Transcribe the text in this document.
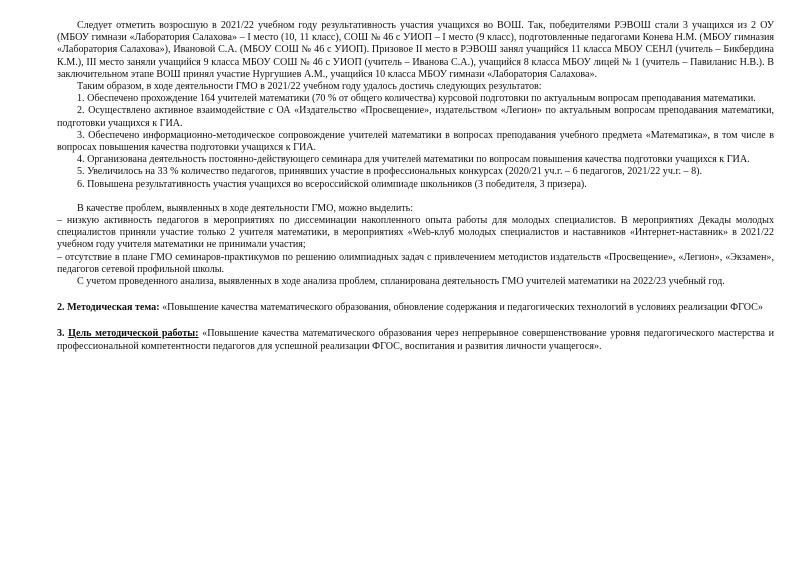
Следует отметить возросшую в 2021/22 учебном году результативность участия учащихся во ВОШ. Так, победителями РЭВОШ стали 3 учащихся из 2 ОУ (МБОУ гимнази «Лаборатория Салахова» – I место (10, 11 класс), СОШ № 46 с УИОП – I место (9 класс), подготовленные педагогами Конева Н.М. (МБОУ гимназия «Лаборатория Салахова»), Ивановой С.А. (МБОУ СОШ № 46 с УИОП). Призовое II место в РЭВОШ занял учащийся 11 класса МБОУ СЕНЛ (учитель – Бикбердина К.М.), III место заняли учащийся 9 класса МБОУ СОШ № 46 с УИОП (учитель – Иванова С.А.), учащийся 8 класса МБОУ лицей № 1 (учитель – Павиланис Н.В.). В заключительном этапе ВОШ принял участие Нургушиев А.М., учащийся 10 класса МБОУ гимнази «Лаборатория Салахова».

Таким образом, в ходе деятельности ГМО в 2021/22 учебном году удалось достичь следующих результатов:

1. Обеспечено прохождение 164 учителей математики (70 % от общего количества) курсовой подготовки по актуальным вопросам преподавания математики.

2. Осуществлено активное взаимодействие с ОА «Издательство «Просвещение», издательством «Легион» по актуальным вопросам преподавания математики, подготовки учащихся к ГИА.

3. Обеспечено информационно-методическое сопровождение учителей математики в вопросах преподавания учебного предмета «Математика», в том числе в вопросах повышения качества подготовки учащихся к ГИА.

4. Организована деятельность постоянно-действующего семинара для учителей математики по вопросам повышения качества подготовки учащихся к ГИА.

5. Увеличилось на 33 % количество педагогов, принявших участие в профессиональных конкурсах (2020/21 уч.г. – 6 педагогов, 2021/22 уч.г. – 8).

6. Повышена результативность участия учащихся во всероссийской олимпиаде школьников (3 победителя, 3 призера).

В качестве проблем, выявленных в ходе деятельности ГМО, можно выделить:

– низкую активность педагогов в мероприятиях по диссеминации накопленного опыта работы для молодых специалистов. В мероприятиях Декады молодых специалистов приняли участие только 2 учителя математики, в мероприятиях «Web-клуб молодых специалистов и наставников «Интернет-наставник» в 2021/22 учебном году учителя математики не принимали участия;

– отсутствие в плане ГМО семинаров-практикумов по решению олимпиадных задач с привлечением методистов издательств «Просвещение», «Легион», «Экзамен», педагогов сетевой профильной школы.

С учетом проведенного анализа, выявленных в ходе анализа проблем, спланирована деятельность ГМО учителей математики на 2022/23 учебный год.

2. Методическая тема: «Повышение качества математического образования, обновление содержания и педагогических технологий в условиях реализации ФГОС»

3. Цель методической работы: «Повышение качества математического образования через непрерывное совершенствование уровня педагогического мастерства и профессиональной компетентности педагогов для успешной реализации ФГОС, воспитания и развития личности учащегося».
